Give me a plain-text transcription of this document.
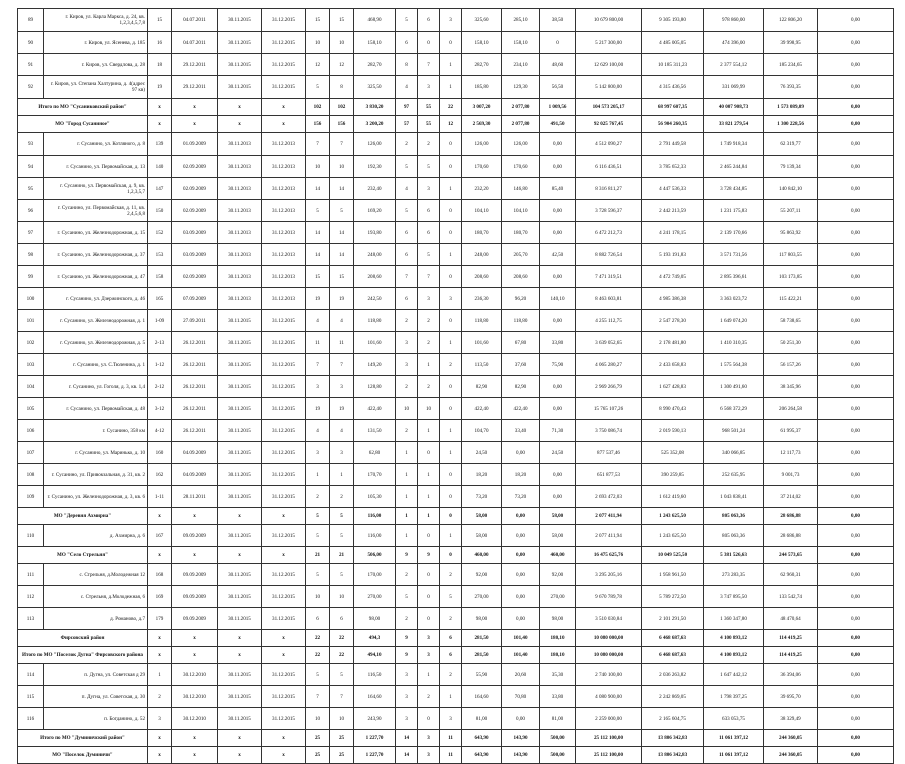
89	г. Киров, ул. Карла Маркса, д. 24, кв. 1,2,3,4,5,7,8	15	04.07.2011	30.11.2015	31.12.2015	15	15	468,90	5	6	3	325,60	285,10	38,50	10 679 800,00	9 305 193,80	978 860,00	122 806,20	0,00
90	г. Киров, ул. Ясенева, д. 185	16	04.07.2011	30.11.2015	31.12.2015	10	10	158,10	6	0	0	158,10	158,10	0	5 217 300,00	4 485 005,05	474 396,00	39 998,95	0,00
91	г. Киров, ул. Свердлова, д. 28	18	29.12.2011	30.11.2015	31.12.2015	12	12	282,70	8	7	1	282,70	234,10	48,60	12 629 100,00	10 185 311,23	2 377 554,12	185 234,65	0,00
92	г. Киров, ул. Степана Халтурина, д. 4(адрес 97 кв)	19	29.12.2011	30.11.2015	31.12.2015	5	8	325,50	4	3	1	185,80	129,30	56,50	5 142 800,00	4 315 436,56	331 069,99	76 393,35	0,00
Итого по МО "Сусаниковский район"		x	x	x	x	102	102	3 830,20	97	55	22	3 007,20	2 077,80	1 009,56	104 573 205,17	68 997 607,35	40 007 908,73	1 573 089,09	0,00
МО "Город Сусаниное"		x	x	x	x	156	156	3 200,20	57	55	12	2 569,30	2 077,80	491,50	92 025 767,45	56 904 260,35	33 821 279,54	1 300 228,56	0,00
93	г. Сусанино, ул. Котляного, д. 8	139	01.09.2009	30.11.2013	31.12.2013	7	7	126,00	2	2	0	126,00	126,00	0,00	4 512 090,27	2 791 449,58	1 749 918,34	62 319,77	0,00
94	г. Сусанино, ул. Первомайская, д. 13	140	02.09.2009	30.11.2013	31.12.2013	10	10	192,30	5	5	0	170,60	170,60	0,00	6 116 436,51	3 785 652,33	2 465 244,84	79 139,34	0,00
95	г. Сусанино, ул. Первомайская, д. 9, кв. 1,2,3,5,7	147	02.09.2009	30.11.2013	31.12.2013	14	14	232,40	4	3	1	232,20	146,80	85,40	8 316 811,27	4 447 536,33	3 728 434,85	140 842,10	0,00
96	г. Сусанино, ул. Первомайская, д. 11, кв. 2,4,5,6,8	150	02.09.2009	30.11.2013	31.12.2013	5	5	169,20	5	6	0	104,10	104,10	0,00	3 728 596,37	2 442 213,59	1 231 175,83	55 207,11	0,00
97	г. Сусанино, ул. Железнодорожная, д. 15	152	03.09.2009	30.11.2013	31.12.2013	14	14	193,80	6	6	0	180,70	180,70	0,00	6 472 212,73	4 241 178,15	2 139 170,66	95 863,92	0,00
98	г. Сусанино, ул. Железнодорожная, д. 37	153	03.09.2009	30.11.2013	31.12.2013	14	14	248,00	6	5	1	248,00	205,70	42,50	8 882 726,54	5 193 191,83	3 571 731,56	117 803,55	0,00
99	г. Сусанино, ул. Железнодорожная, д. 47	158	02.09.2009	30.11.2013	31.12.2013	15	15	208,60	7	7	0	208,60	208,60	0,00	7 471 319,51	4 472 749,05	2 895 396,61	103 173,85	0,00
100	г. Сусанино, ул. Дзержинского, д. 46	165	07.09.2009	30.11.2013	31.12.2013	19	19	242,50	6	3	3	236,30	96,20	140,10	8 463 603,81	4 985 386,38	3 363 023,72	115 422,21	0,00
101	г. Сусанино, ул. Железнодорожная, д. 1	1-09	27.09.2011	30.11.2015	31.12.2015	4	4	118,80	2	2	0	118,80	118,80	0,00	4 255 112,75	2 547 278,30	1 649 074,20	58 738,65	0,00
102	г. Сусанино, ул. Железнодорожная, д. 5	2-13	26.12.2011	30.11.2015	31.12.2015	11	11	101,60	3	2	1	101,60	67,80	33,80	3 639 052,65	2 178 481,80	1 410 310,35	50 251,30	0,00
103	г. Сусанино, ул. С.Тюленина, д. 1	1-12	26.12.2011	30.11.2015	31.12.2015	7	7	149,20	3	1	2	113,50	37,60	75,90	4 065 280,27	2 433 658,83	1 575 564,38	56 157,26	0,00
104	г. Сусанино, ул. Гоголя, д. 3, кв. 1,4	2-12	26.12.2011	30.11.2015	31.12.2015	3	3	128,80	2	2	0	82,90	82,90	0,00	2 969 266,79	1 627 428,83	1 300 491,60	38 345,96	0,00
105	г. Сусанино, ул. Первомайская, д. 48	3-12	26.12.2011	30.11.2015	31.12.2015	19	19	422,40	10	10	0	422,40	422,40	0,00	15 765 107,26	8 990 470,43	6 568 372,29	206 264,58	0,00
106	г. Сусанино, 358 км	4-12	26.12.2011	30.11.2015	31.12.2015	4	4	131,50	2	1	1	104,70	33,40	71,30	3 750 086,74	2 019 590,13	968 501,24	61 995,37	0,00
107	г. Сусанино, ул. Маринько, д. 10	160	04.09.2009	30.11.2015	31.12.2015	3	3	62,80	1	0	1	24,50	0,00	24,50	877 537,46	525 352,08	340 066,85	12 117,73	0,00
108	г. Сусанино, ул. Привокзальная, д. 31, кв. 2	162	04.09.2009	30.11.2015	31.12.2015	1	1	170,70	1	1	0	18,20	18,20	0,00	651 877,53	390 259,85	252 635,95	9 001,73	0,00
109	г. Сусанино, ул. Железнодорожная, д. 3, кв. 6	1-11	28.11.2011	30.11.2015	31.12.2015	2	2	105,30	1	1	0	73,20	73,20	0,00	2 693 472,03	1 612 419,60	1 043 838,41	37 214,02	0,00
МО "Деревня Ахмирна"		x	x	x	x	5	5	116,00	1	1	0	58,00	0,00	58,00	2 077 411,94	1 243 625,50	805 063,36	28 686,88	0,00
110	д. Ахмирна, д. 6	167	09.09.2009	30.11.2015	31.12.2015	5	5	116,00	1	0	1	58,00	0,00	58,00	2 077 411,94	1 243 625,50	805 063,36	28 686,88	0,00
МО "Село Стрельня"		x	x	x	x	21	21	506,00	9	9	0	460,00	0,00	460,00	16 475 625,76	10 049 525,50	5 381 526,63	244 573,65	0,00
111	с. Стрельня, д.Молодежная 12	168	09.09.2009	30.11.2015	31.12.2015	5	5	170,00	2	0	2	92,00	0,00	92,00	3 295 205,16	1 958 961,50	273 283,35	62 960,31	0,00
112	с. Стрельня, д.Молодежная, 6	169	09.09.2009	30.11.2015	31.12.2015	10	10	270,00	5	0	5	270,00	0,00	270,00	9 670 789,78	5 789 272,50	3 747 895,50	133 542,74	0,00
113	д. Романово, д.7	179	09.09.2009	30.11.2015	31.12.2015	6	6	98,00	2	0	2	98,00	0,00	98,00	3 510 030,84	2 101 291,50	1 360 347,80	48 470,64	0,00
Фирсовский район		x	x	x	x	22	22	494,3	9	3	6	281,50	101,40	180,10	10 080 000,00	6 468 687,63	4 100 893,12	114 419,25	0,00
Итого по МО "Поселок Дугна" Фирсовского района		x	x	x	x	22	22	494,10	9	3	6	281,50	101,40	180,10	10 080 000,00	6 468 687,63	4 100 893,12	114 419,25	0,00
114	п. Дугна, ул. Советская д 29	1	30.12.2010	30.11.2015	31.12.2015	5	5	116,50	3	1	2	55,90	20,60	35,30	2 740 100,00	2 036 263,82	1 647 442,12	36 394,06	0,00
115	п. Дугна, ул. Советская, д. 30	2	30.12.2010	30.11.2015	31.12.2015	7	7	164,60	3	2	1	164,60	70,80	33,80	4 080 900,00	2 242 869,05	1 798 397,25	39 695,70	0,00
116	п. Богданино, д. 52	3	30.12.2010	30.11.2015	31.12.2015	10	10	243,90	3	0	3	81,00	0,00	81,00	2 259 000,00	2 165 604,75	633 053,75	38 329,49	0,00
Итого по МО "Думиничский район"		x	x	x	x	25	25	1 227,70	14	3	11	643,90	143,90	500,00	25 112 100,00	13 806 342,83	11 061 397,12	244 360,05	0,00
МО "Поселок Думиничи"		x	x	x	x	25	25	1 227,70	14	3	11	643,90	143,90	500,00	25 112 100,00	13 806 342,83	11 061 397,12	244 360,05	0,00
